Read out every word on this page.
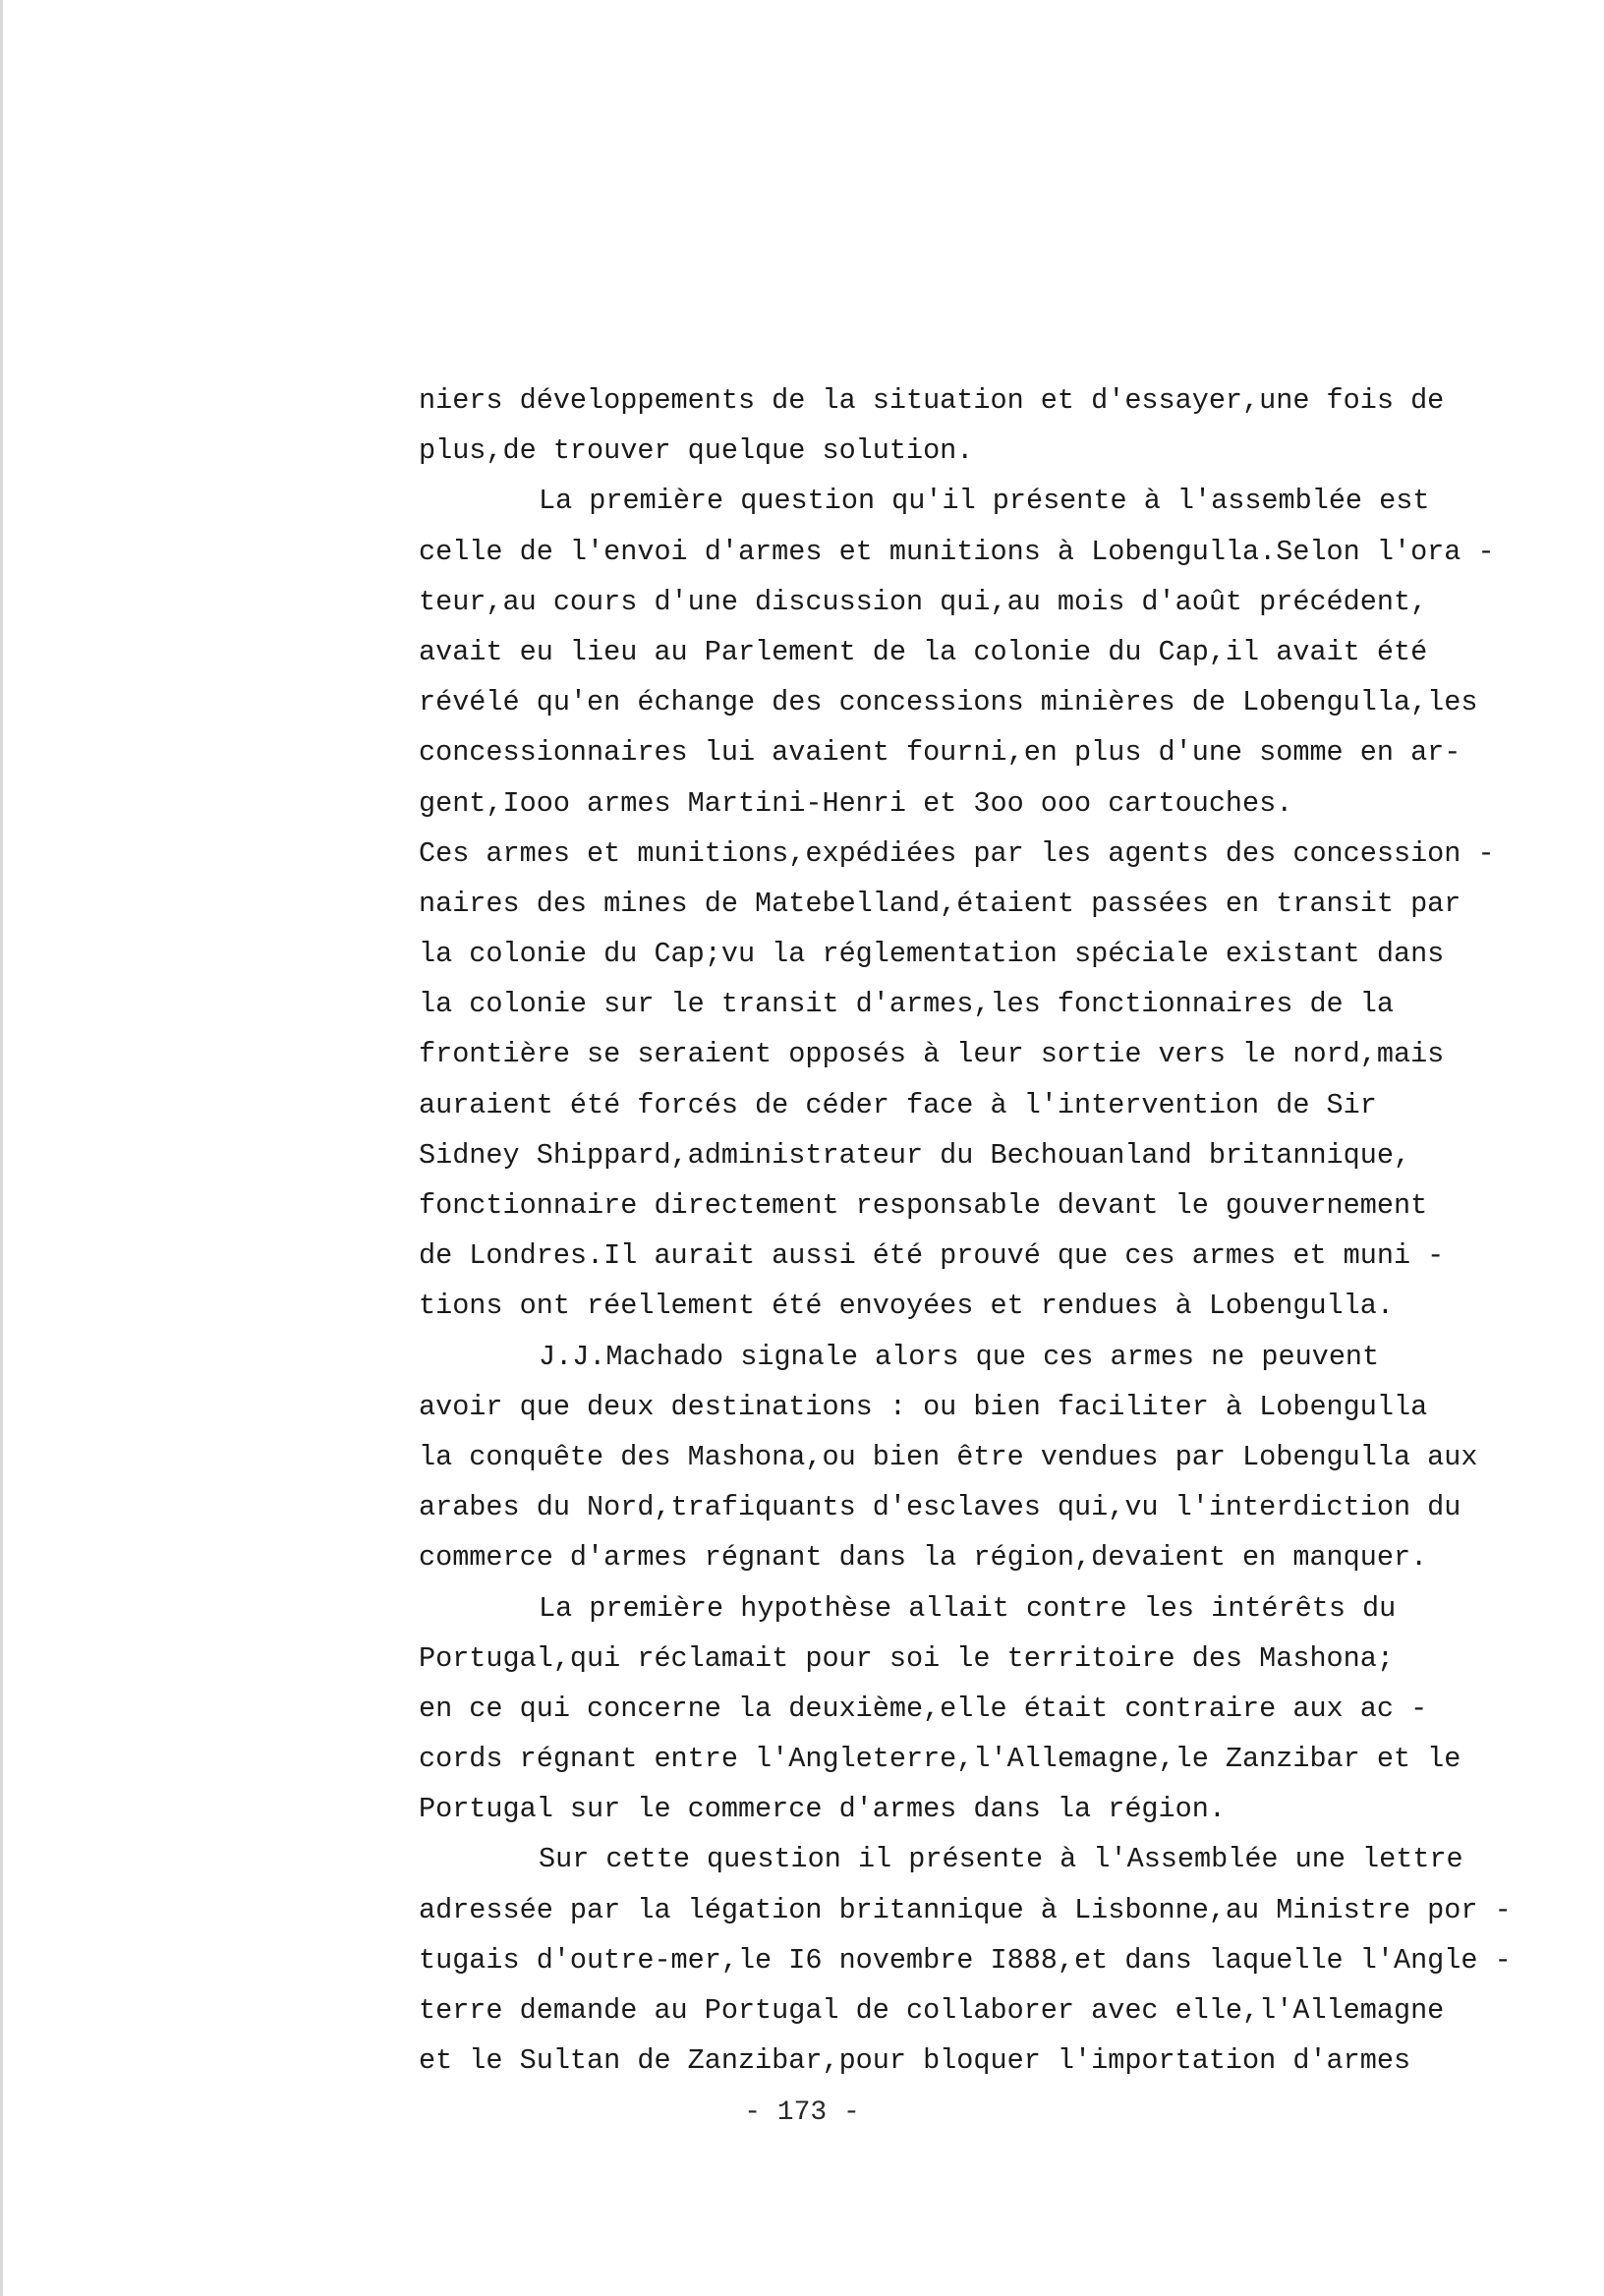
niers développements de la situation et d'essayer,une fois de
plus,de trouver quelque solution.
La première question qu'il présente à l'assemblée est
celle de l'envoi d'armes et munitions à Lobengulla.Selon l'ora -
teur,au cours d'une discussion qui,au mois d'août précédent,
avait eu lieu au Parlement de la colonie du Cap,il avait été
révélé qu'en échange des concessions minières de Lobengulla,les
concessionnaires lui avaient fourni,en plus d'une somme en ar-
gent,Iooo armes Martini-Henri et 3oo ooo cartouches.
Ces armes et munitions,expédiées par les agents des concession -
naires des mines de Matebelland,étaient passées en transit par
la colonie du Cap;vu la réglementation spéciale existant dans
la colonie sur le transit d'armes,les fonctionnaires de la
frontière se seraient opposés à leur sortie vers le nord,mais
auraient été forcés de céder face à l'intervention de Sir
Sidney Shippard,administrateur du Bechouanland britannique,
fonctionnaire directement responsable devant le gouvernement
de Londres.Il aurait aussi été prouvé que ces armes et muni -
tions ont réellement été envoyées et rendues à Lobengulla.
J.J.Machado signale alors que ces armes ne peuvent
avoir que deux destinations : ou bien faciliter à Lobengulla
la conquête des Mashona,ou bien être vendues par Lobengulla aux
arabes du Nord,trafiquants d'esclaves qui,vu l'interdiction du
commerce d'armes régnant dans la région,devaient en manquer.
La première hypothèse allait contre les intérêts du
Portugal,qui réclamait pour soi le territoire des Mashona;
en ce qui concerne la deuxième,elle était contraire aux ac -
cords régnant entre l'Angleterre,l'Allemagne,le Zanzibar et le
Portugal sur le commerce d'armes dans la région.
Sur cette question il présente à l'Assemblée une lettre
adressée par la légation britannique à Lisbonne,au Ministre por -
tugais d'outre-mer,le I6 novembre I888,et dans laquelle l'Angle -
terre demande au Portugal de collaborer avec elle,l'Allemagne
et le Sultan de Zanzibar,pour bloquer l'importation d'armes
- 173 -
